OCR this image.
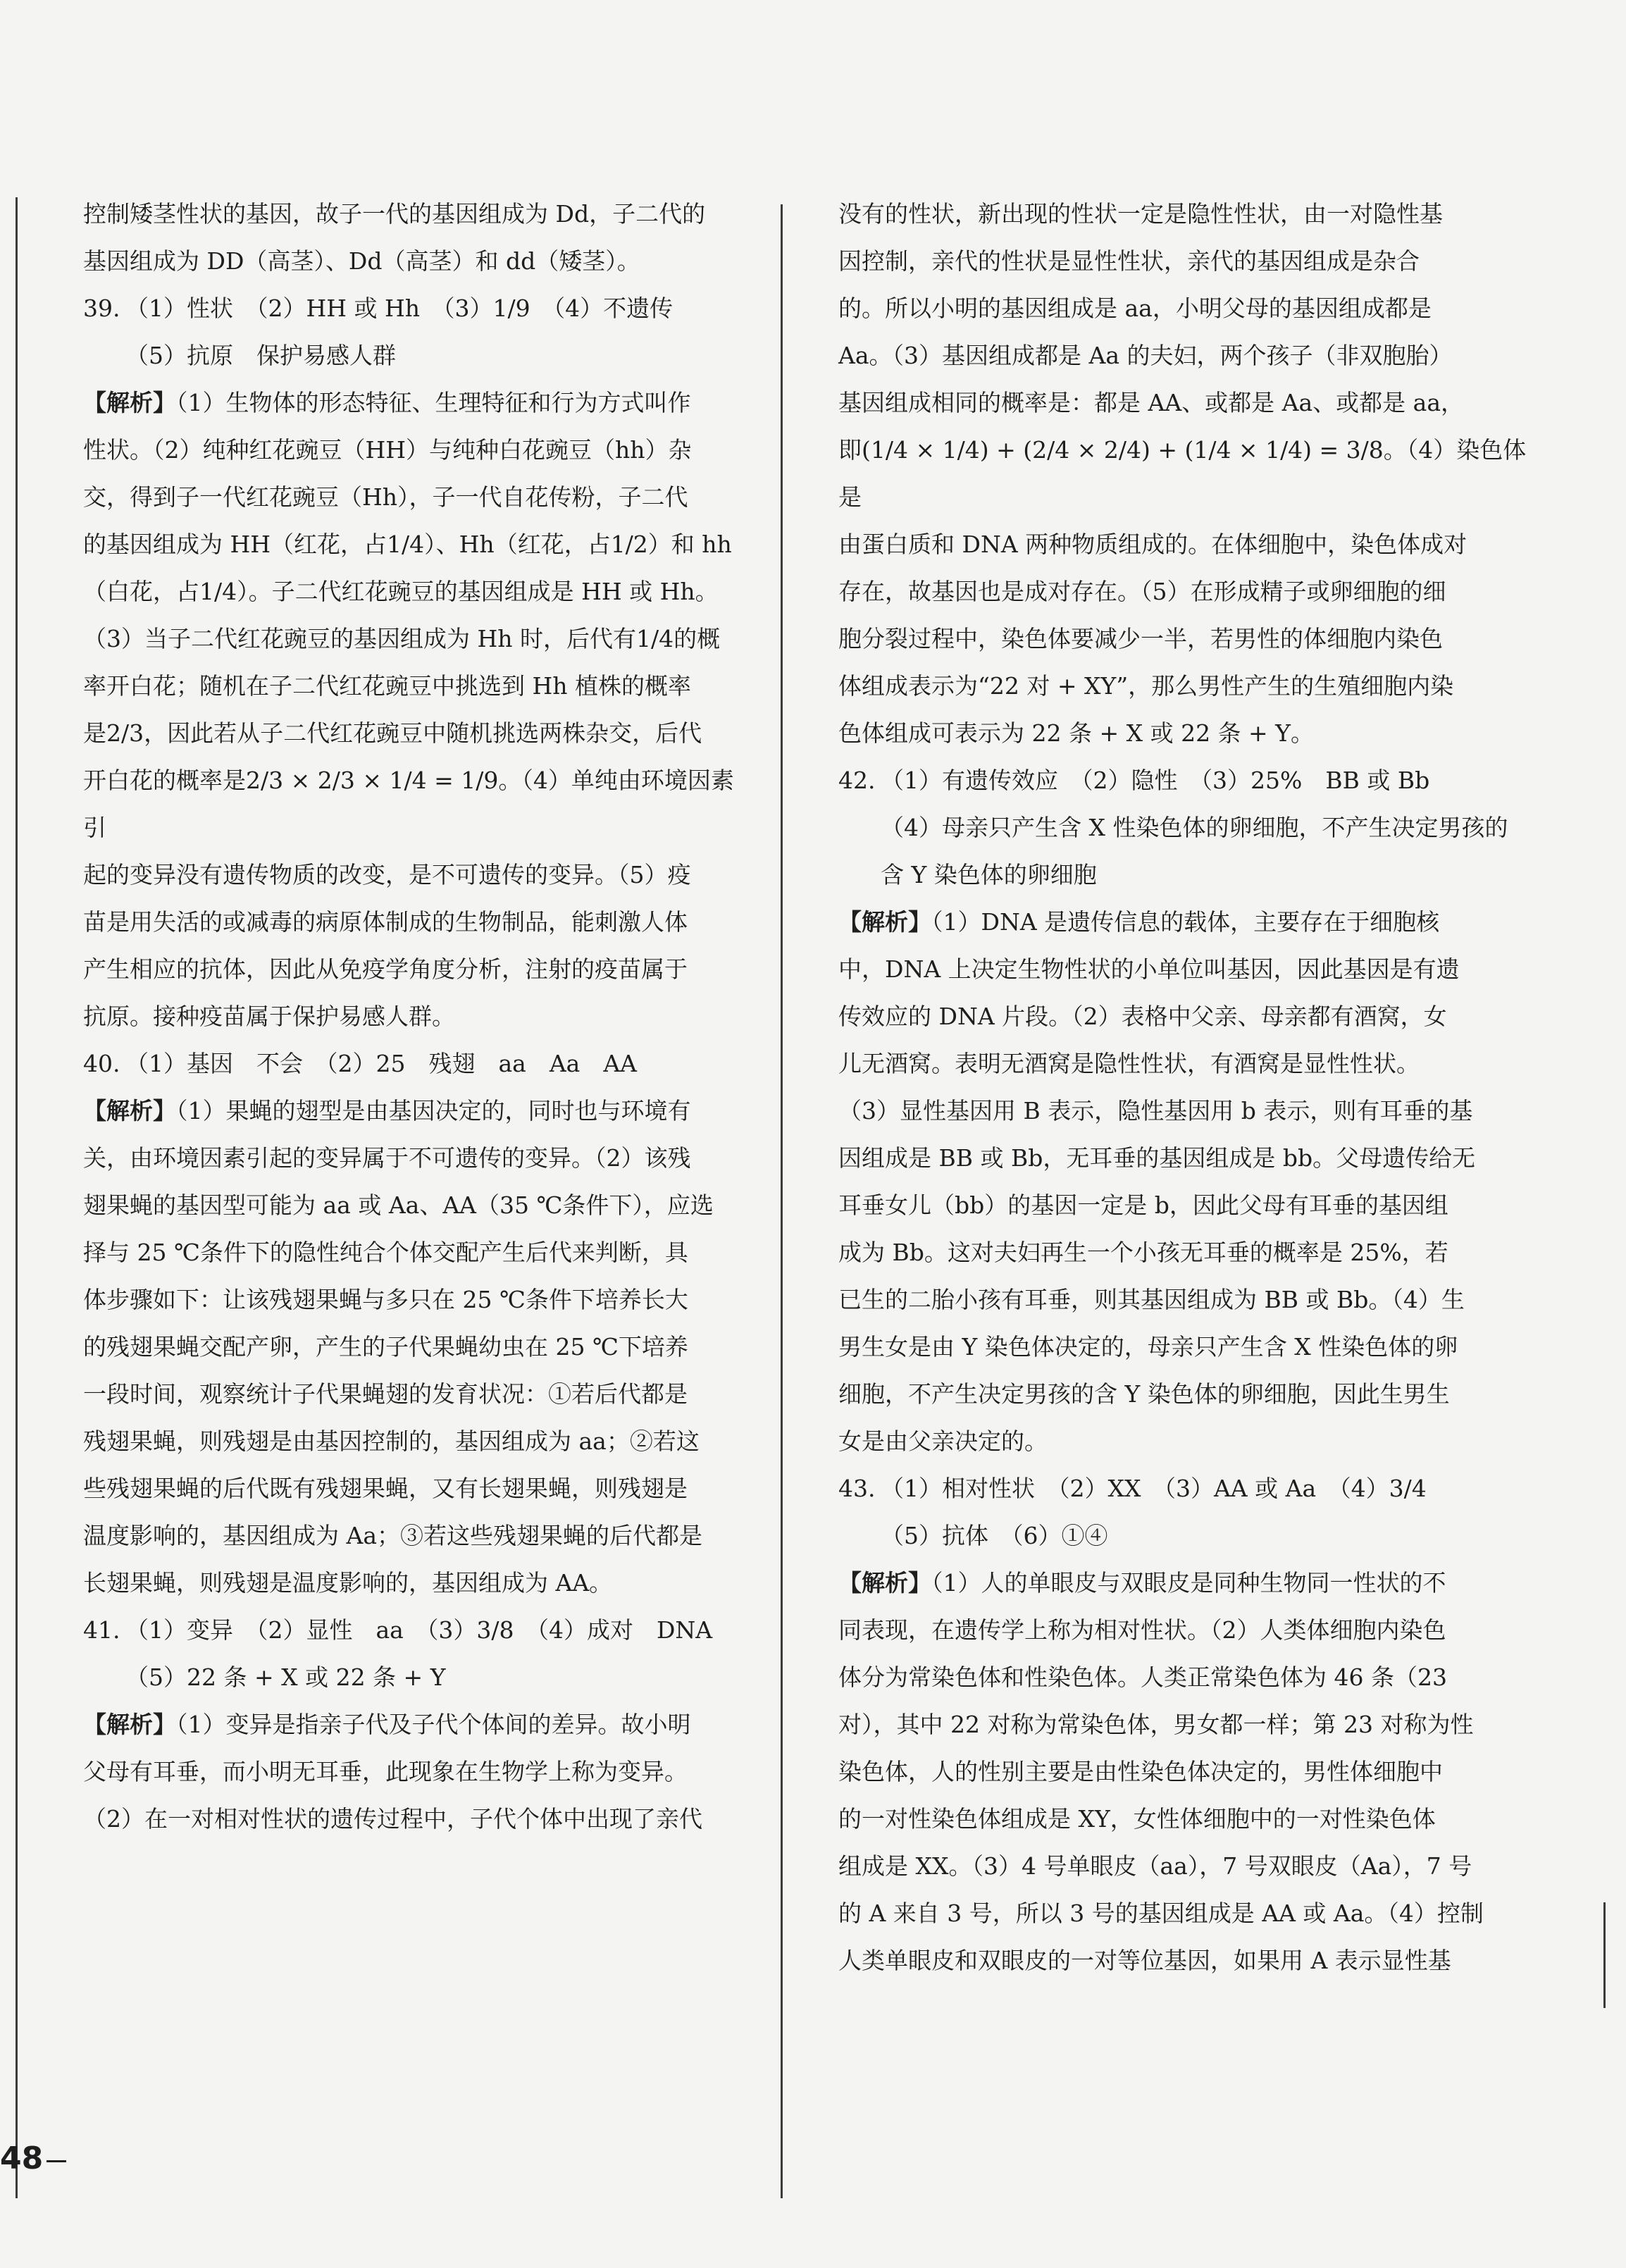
控制矮茎性状的基因，故子一代的基因组成为 Dd，子二代的
基因组成为 DD（高茎）、Dd（高茎）和 dd（矮茎）。
39. （1）性状　（2）HH 或 Hh　（3）1/9　（4）不遗传
（5）抗原　保护易感人群
【解析】（1）生物体的形态特征、生理特征和行为方式叫作
性状。（2）纯种红花豌豆（HH）与纯种白花豌豆（hh）杂
交，得到子一代红花豌豆（Hh），子一代自花传粉，子二代
的基因组成为 HH（红花，占1/4）、Hh（红花，占1/2）和 hh
（白花，占1/4）。子二代红花豌豆的基因组成是 HH 或 Hh。
（3）当子二代红花豌豆的基因组成为 Hh 时，后代有1/4的概
率开白花；随机在子二代红花豌豆中挑选到 Hh 植株的概率
是2/3，因此若从子二代红花豌豆中随机挑选两株杂交，后代
开白花的概率是2/3 × 2/3 × 1/4 = 1/9。（4）单纯由环境因素引
起的变异没有遗传物质的改变，是不可遗传的变异。（5）疫
苗是用失活的或减毒的病原体制成的生物制品，能刺激人体
产生相应的抗体，因此从免疫学角度分析，注射的疫苗属于
抗原。接种疫苗属于保护易感人群。
40. （1）基因　不会　（2）25　残翅　aa　Aa　AA
【解析】（1）果蝇的翅型是由基因决定的，同时也与环境有
关，由环境因素引起的变异属于不可遗传的变异。（2）该残
翅果蝇的基因型可能为 aa 或 Aa、AA（35 ℃条件下），应选
择与 25 ℃条件下的隐性纯合个体交配产生后代来判断，具
体步骤如下：让该残翅果蝇与多只在 25 ℃条件下培养长大
的残翅果蝇交配产卵，产生的子代果蝇幼虫在 25 ℃下培养
一段时间，观察统计子代果蝇翅的发育状况：①若后代都是
残翅果蝇，则残翅是由基因控制的，基因组成为 aa；②若这
些残翅果蝇的后代既有残翅果蝇，又有长翅果蝇，则残翅是
温度影响的，基因组成为 Aa；③若这些残翅果蝇的后代都是
长翅果蝇，则残翅是温度影响的，基因组成为 AA。
41. （1）变异　（2）显性　aa　（3）3/8　（4）成对　DNA
（5）22 条 + X 或 22 条 + Y
【解析】（1）变异是指亲子代及子代个体间的差异。故小明
父母有耳垂，而小明无耳垂，此现象在生物学上称为变异。
（2）在一对相对性状的遗传过程中，子代个体中出现了亲代
没有的性状，新出现的性状一定是隐性性状，由一对隐性基
因控制，亲代的性状是显性性状，亲代的基因组成是杂合
的。所以小明的基因组成是 aa，小明父母的基因组成都是
Aa。（3）基因组成都是 Aa 的夫妇，两个孩子（非双胞胎）
基因组成相同的概率是：都是 AA、或都是 Aa、或都是 aa，
即(1/4 × 1/4) + (2/4 × 2/4) + (1/4 × 1/4) = 3/8。（4）染色体是
由蛋白质和 DNA 两种物质组成的。在体细胞中，染色体成对
存在，故基因也是成对存在。（5）在形成精子或卵细胞的细
胞分裂过程中，染色体要减少一半，若男性的体细胞内染色
体组成表示为“22 对 + XY”，那么男性产生的生殖细胞内染
色体组成可表示为 22 条 + X 或 22 条 + Y。
42. （1）有遗传效应　（2）隐性　（3）25%　BB 或 Bb
（4）母亲只产生含 X 性染色体的卵细胞，不产生决定男孩的
含 Y 染色体的卵细胞
【解析】（1）DNA 是遗传信息的载体，主要存在于细胞核
中，DNA 上决定生物性状的小单位叫基因，因此基因是有遗
传效应的 DNA 片段。（2）表格中父亲、母亲都有酒窝，女
儿无酒窝。表明无酒窝是隐性性状，有酒窝是显性性状。
（3）显性基因用 B 表示，隐性基因用 b 表示，则有耳垂的基
因组成是 BB 或 Bb，无耳垂的基因组成是 bb。父母遗传给无
耳垂女儿（bb）的基因一定是 b，因此父母有耳垂的基因组
成为 Bb。这对夫妇再生一个小孩无耳垂的概率是 25%，若
已生的二胎小孩有耳垂，则其基因组成为 BB 或 Bb。（4）生
男生女是由 Y 染色体决定的，母亲只产生含 X 性染色体的卵
细胞，不产生决定男孩的含 Y 染色体的卵细胞，因此生男生
女是由父亲决定的。
43. （1）相对性状　（2）XX　（3）AA 或 Aa　（4）3/4
（5）抗体　（6）①④
【解析】（1）人的单眼皮与双眼皮是同种生物同一性状的不
同表现，在遗传学上称为相对性状。（2）人类体细胞内染色
体分为常染色体和性染色体。人类正常染色体为 46 条（23
对），其中 22 对称为常染色体，男女都一样；第 23 对称为性
染色体，人的性别主要是由性染色体决定的，男性体细胞中
的一对性染色体组成是 XY，女性体细胞中的一对性染色体
组成是 XX。（3）4 号单眼皮（aa），7 号双眼皮（Aa），7 号
的 A 来自 3 号，所以 3 号的基因组成是 AA 或 Aa。（4）控制
人类单眼皮和双眼皮的一对等位基因，如果用 A 表示显性基
48
